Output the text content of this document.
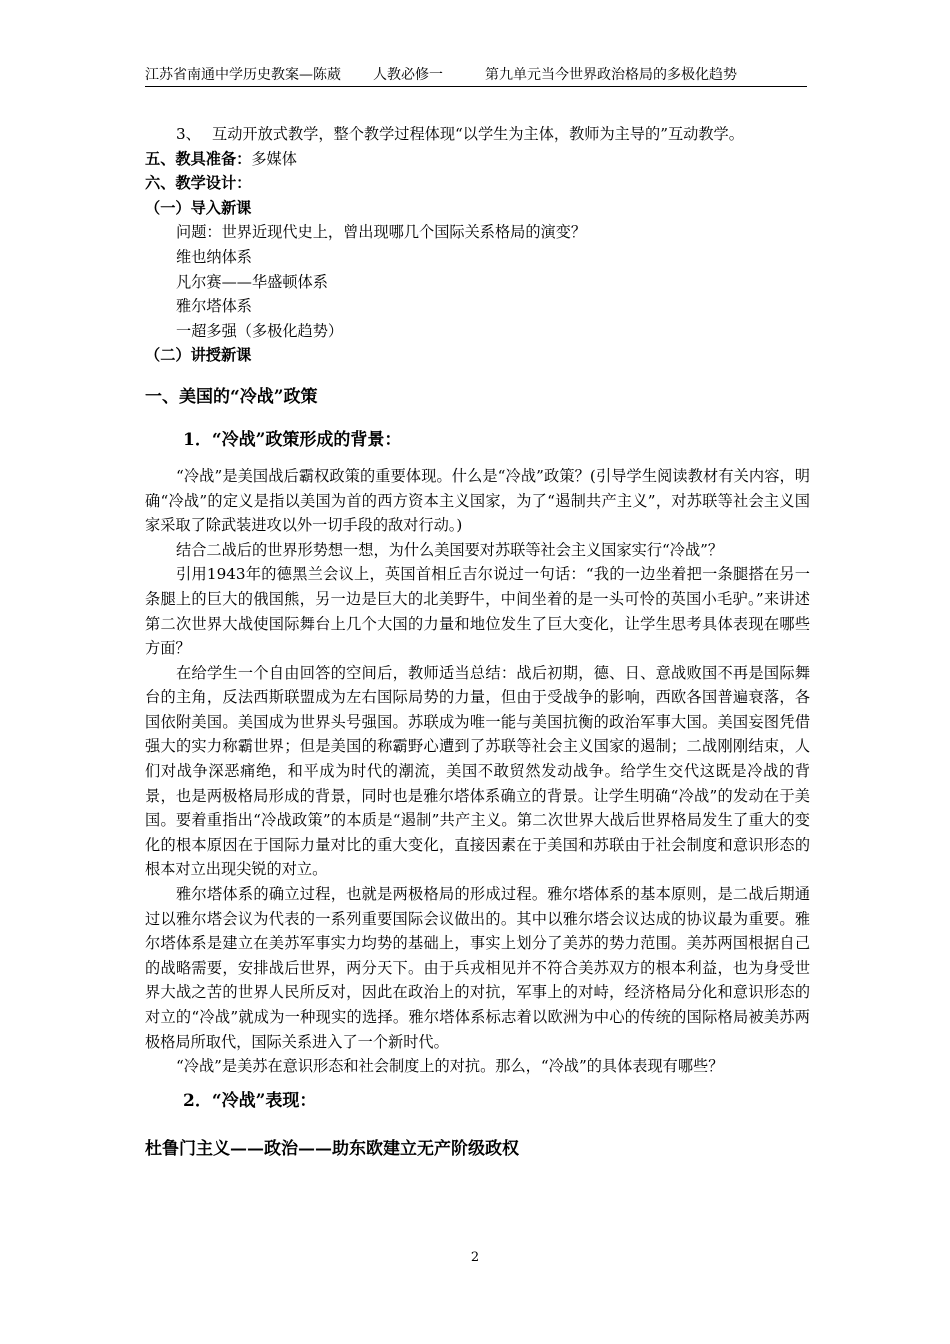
江苏省南通中学历史教案—陈葳 人教必修一	第九单元当今世界政治格局的多极化趋势

3、 互动开放式教学，整个教学过程体现“以学生为主体，教师为主导的”互动教学。

五、教具准备：多媒体

六、教学设计：

（一）导入新课

问题：世界近现代史上，曾出现哪几个国际关系格局的演变？

维也纳体系

凡尔赛——华盛顿体系

雅尔塔体系

一超多强（多极化趋势）

（二）讲授新课

一、美国的“冷战”政策

1．“冷战”政策形成的背景：

“冷战”是美国战后霸权政策的重要体现。什么是“冷战”政策？(引导学生阅读教材有关内容，明确“冷战”的定义是指以美国为首的西方资本主义国家，为了“遏制共产主义”，对苏联等社会主义国家采取了除武装进攻以外一切手段的敌对行动。)

结合二战后的世界形势想一想，为什么美国要对苏联等社会主义国家实行“冷战”？

引用1943年的德黑兰会议上，英国首相丘吉尔说过一句话：“我的一边坐着把一条腿搭在另一条腿上的巨大的俄国熊，另一边是巨大的北美野牛，中间坐着的是一头可怜的英国小毛驴。”来讲述第二次世界大战使国际舞台上几个大国的力量和地位发生了巨大变化，让学生思考具体表现在哪些方面？

在给学生一个自由回答的空间后，教师适当总结：战后初期，德、日、意战败国不再是国际舞台的主角，反法西斯联盟成为左右国际局势的力量，但由于受战争的影响，西欧各国普遍衰落，各国依附美国。美国成为世界头号强国。苏联成为唯一能与美国抗衡的政治军事大国。美国妄图凭借强大的实力称霸世界；但是美国的称霸野心遭到了苏联等社会主义国家的遏制；二战刚刚结束，人们对战争深恶痛绝，和平成为时代的潮流，美国不敢贸然发动战争。给学生交代这既是冷战的背景，也是两极格局形成的背景，同时也是雅尔塔体系确立的背景。让学生明确“冷战”的发动在于美国。要着重指出“冷战政策”的本质是“遏制”共产主义。第二次世界大战后世界格局发生了重大的变化的根本原因在于国际力量对比的重大变化，直接因素在于美国和苏联由于社会制度和意识形态的根本对立出现尖锐的对立。

雅尔塔体系的确立过程，也就是两极格局的形成过程。雅尔塔体系的基本原则，是二战后期通过以雅尔塔会议为代表的一系列重要国际会议做出的。其中以雅尔塔会议达成的协议最为重要。雅尔塔体系是建立在美苏军事实力均势的基础上，事实上划分了美苏的势力范围。美苏两国根据自己的战略需要，安排战后世界，两分天下。由于兵戎相见并不符合美苏双方的根本利益，也为身受世界大战之苦的世界人民所反对，因此在政治上的对抗，军事上的对峙，经济格局分化和意识形态的对立的“冷战”就成为一种现实的选择。雅尔塔体系标志着以欧洲为中心的传统的国际格局被美苏两极格局所取代，国际关系进入了一个新时代。

“冷战”是美苏在意识形态和社会制度上的对抗。那么，“冷战”的具体表现有哪些？

2．“冷战”表现：

杜鲁门主义——政治——助东欧建立无产阶级政权

2
